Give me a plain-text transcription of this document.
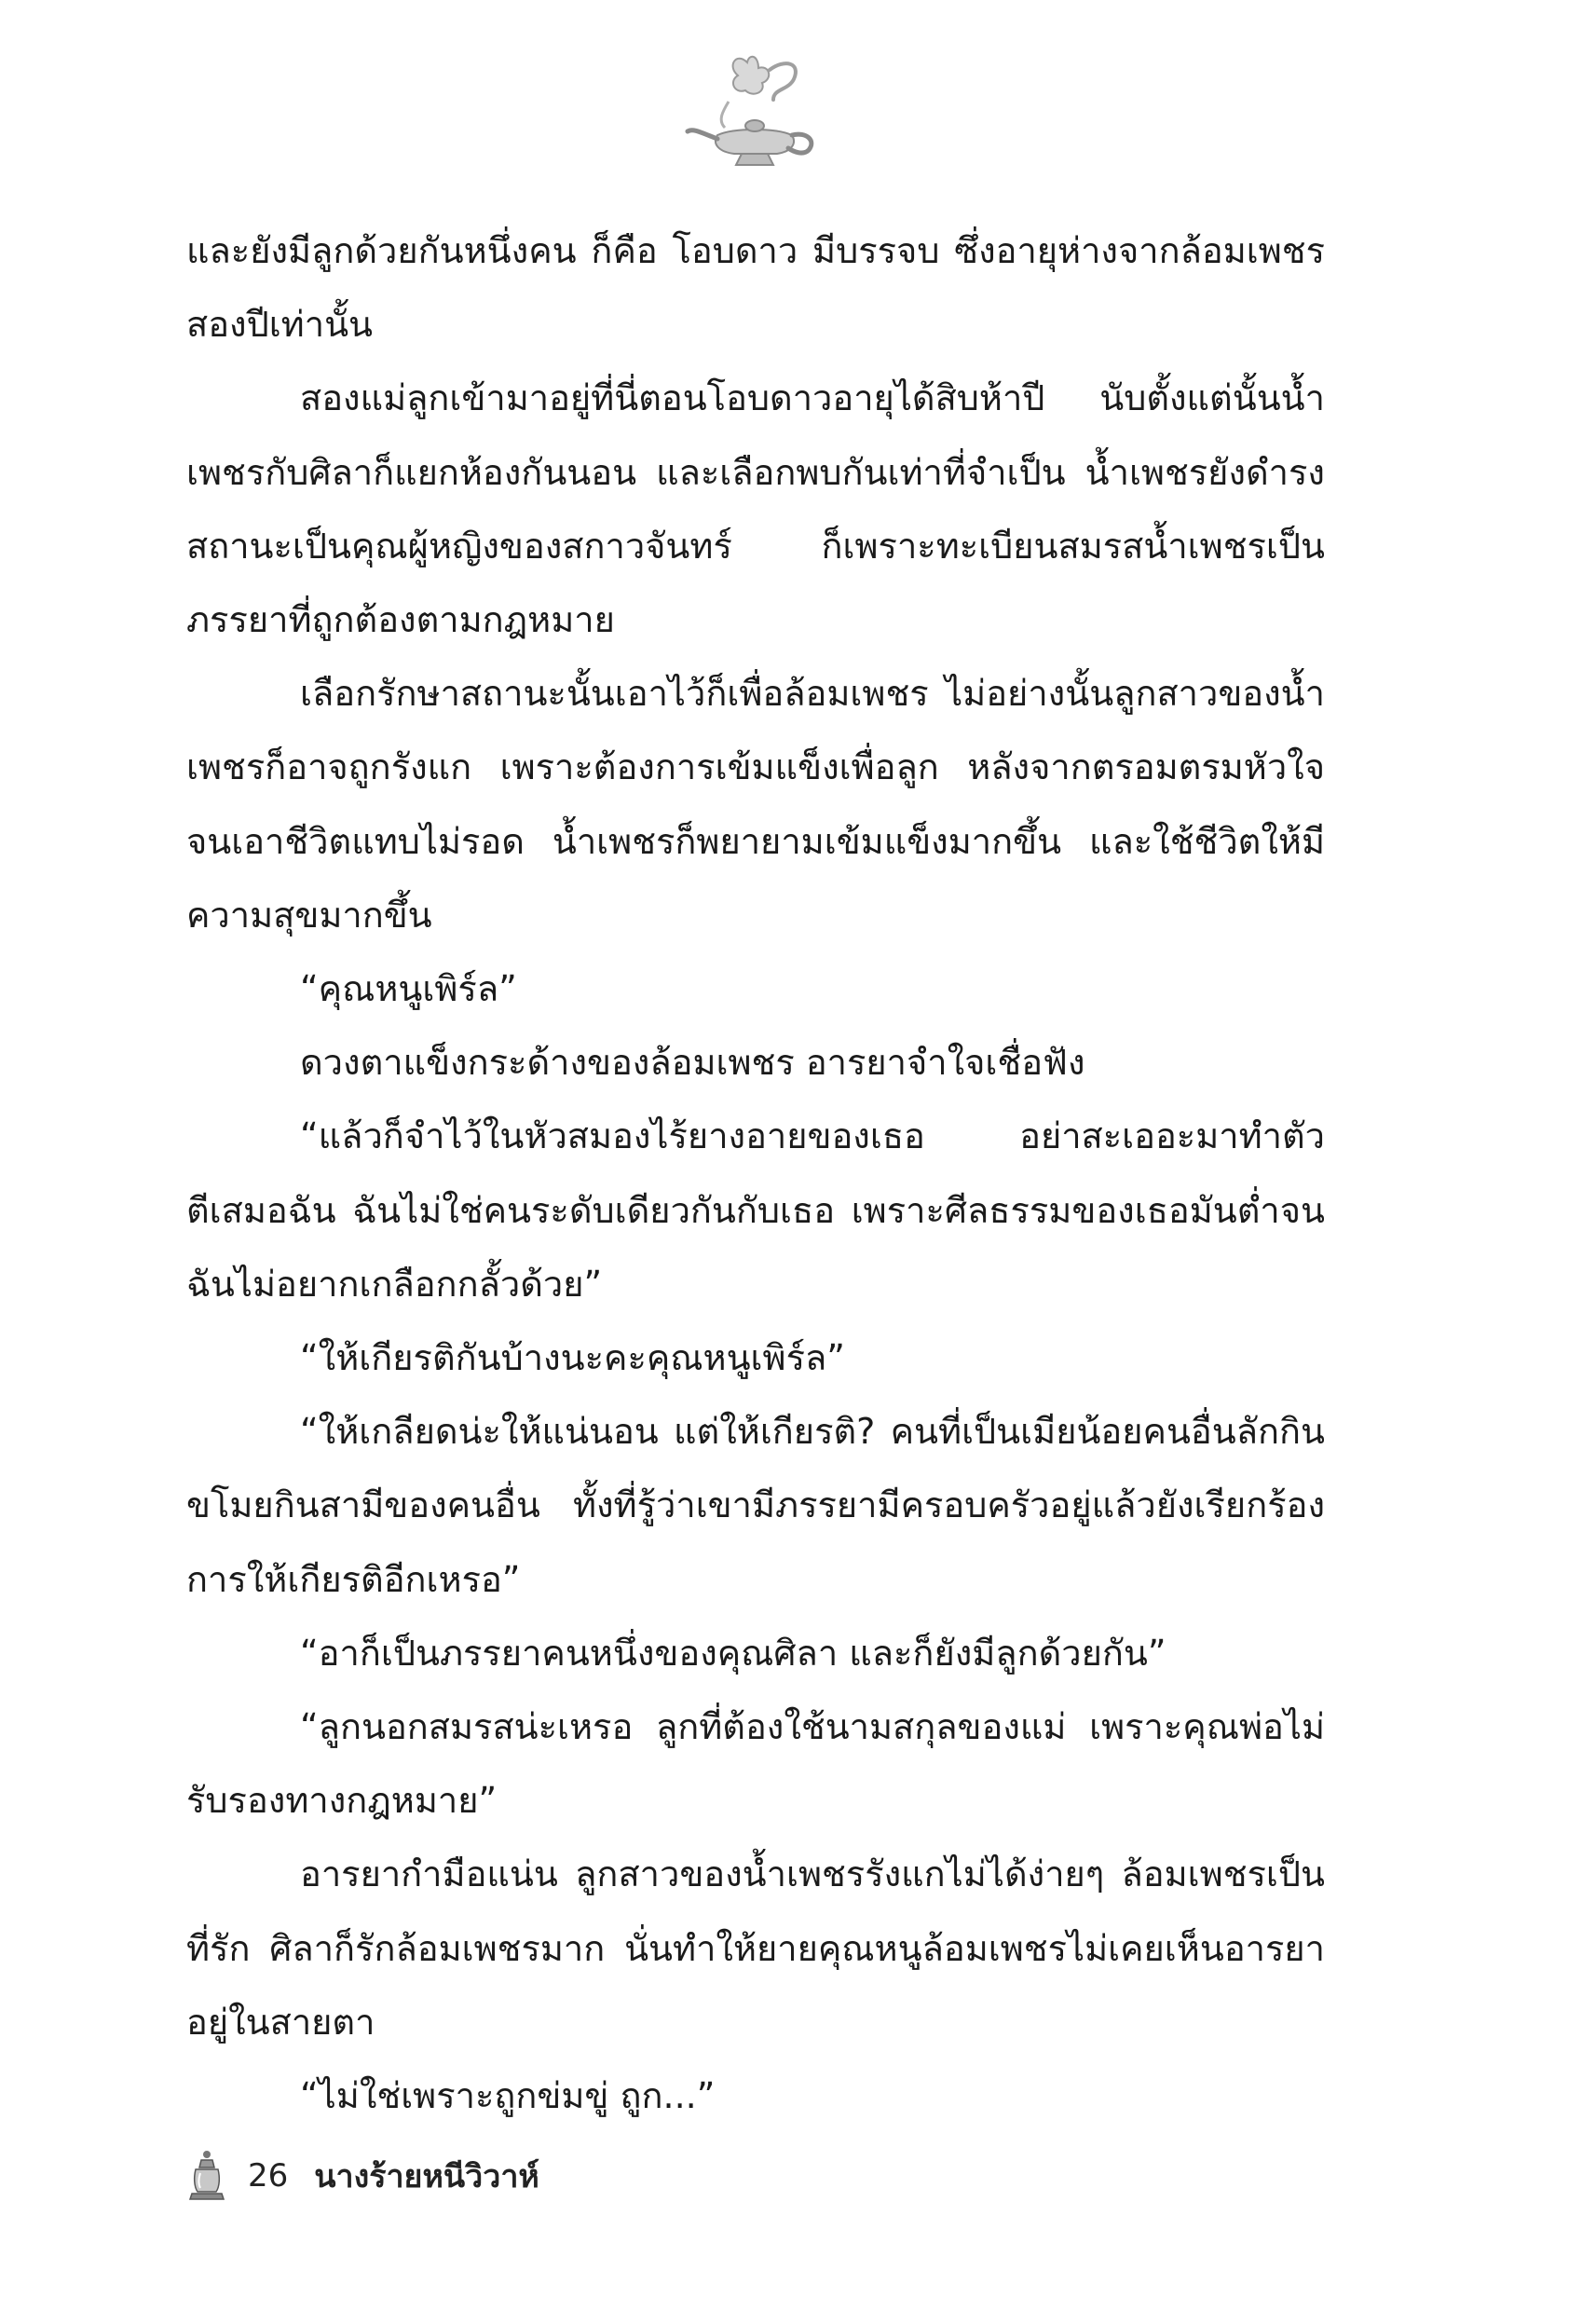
และยังมีลูกด้วยกันหนึ่งคน ก็คือ โอบดาว มีบรรจบ ซึ่งอายุห่างจากล้อมเพชรสองปีเท่านั้น

สองแม่ลูกเข้ามาอยู่ที่นี่ตอนโอบดาวอายุได้สิบห้าปี นับตั้งแต่นั้นน้ำเพชรกับศิลาก็แยกห้องกันนอน และเลือกพบกันเท่าที่จำเป็น น้ำเพชรยังดำรงสถานะเป็นคุณผู้หญิงของสกาวจันทร์ ก็เพราะทะเบียนสมรสน้ำเพชรเป็นภรรยาที่ถูกต้องตามกฎหมาย

เลือกรักษาสถานะนั้นเอาไว้ก็เพื่อล้อมเพชร ไม่อย่างนั้นลูกสาวของน้ำเพชรก็อาจถูกรังแก เพราะต้องการเข้มแข็งเพื่อลูก หลังจากตรอมตรมหัวใจจนเอาชีวิตแทบไม่รอด น้ำเพชรก็พยายามเข้มแข็งมากขึ้น และใช้ชีวิตให้มีความสุขมากขึ้น

“คุณหนูเพิร์ล”

ดวงตาแข็งกระด้างของล้อมเพชร อารยาจำใจเชื่อฟัง

“แล้วก็จำไว้ในหัวสมองไร้ยางอายของเธอ อย่าสะเออะมาทำตัวตีเสมอฉัน ฉันไม่ใช่คนระดับเดียวกันกับเธอ เพราะศีลธรรมของเธอมันต่ำจนฉันไม่อยากเกลือกกลั้วด้วย”

“ให้เกียรติกันบ้างนะคะคุณหนูเพิร์ล”

“ให้เกลียดน่ะให้แน่นอน แต่ให้เกียรติ? คนที่เป็นเมียน้อยคนอื่นลักกินขโมยกินสามีของคนอื่น ทั้งที่รู้ว่าเขามีภรรยามีครอบครัวอยู่แล้วยังเรียกร้องการให้เกียรติอีกเหรอ”

“อาก็เป็นภรรยาคนหนึ่งของคุณศิลา และก็ยังมีลูกด้วยกัน”

“ลูกนอกสมรสน่ะเหรอ ลูกที่ต้องใช้นามสกุลของแม่ เพราะคุณพ่อไม่รับรองทางกฎหมาย”

อารยากำมือแน่น ลูกสาวของน้ำเพชรรังแกไม่ได้ง่ายๆ ล้อมเพชรเป็นที่รัก ศิลาก็รักล้อมเพชรมาก นั่นทำให้ยายคุณหนูล้อมเพชรไม่เคยเห็นอารยาอยู่ในสายตา

“ไม่ใช่เพราะถูกข่มขู่ ถูก...”

26 นางร้ายหนีวิวาห์
